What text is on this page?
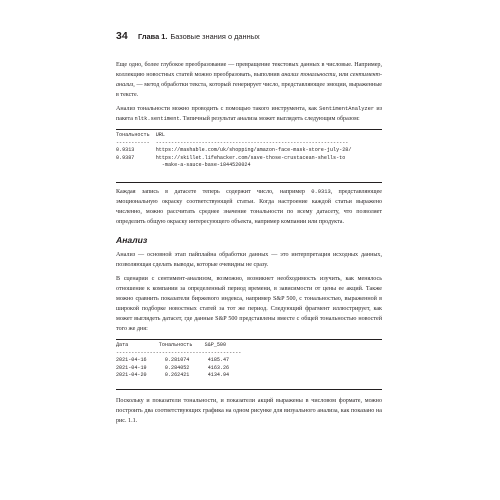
34	Глава 1. Базовые знания о данных

Еще одно, более глубокое преобразование — превращение текстовых данных в числовые. Например, коллекцию новостных статей можно преобразовать, выполнив анализ тональности, или сентимент-анализ, — метод обработки текста, который генерирует число, представляющее эмоции, выраженные в тексте.

Анализ тональности можно проводить с помощью такого инструмента, как SentimentAnalyzer из пакета nltk.sentiment. Типичный результат анализа может выглядеть следующим образом:

Тональность  URL
-----------  ---------------------------------------------------------------
0.9313       https://mashable.com/uk/shopping/amazon-face-mask-store-july-28/
0.9387       https://skillet.lifehacker.com/save-those-crustacean-shells-to
-make-a-sauce-base-1844520024

Каждая запись в датасете теперь содержит число, например 0.9313, представляющее эмоциональную окраску соответствующей статьи. Когда настроение каждой статьи выражено численно, можно рассчитать среднее значение тональности по всему датасету, что позволяет определить общую окраску интересующего объекта, например компании или продукта.

Анализ

Анализ — основной этап пайплайна обработки данных — это интерпретация исходных данных, позволяющая сделать выводы, которые очевидны не сразу.

В сценарии с сентимент-анализом, возможно, возникнет необходимость изучить, как менялось отношение к компании за определенный период времени, в зависимости от цены ее акций. Также можно сравнить показатели биржевого индекса, например S&P 500, с тональностью, выраженной в широкой подборке новостных статей за тот же период. Следующий фрагмент иллюстрирует, как может выглядеть датасет, где данные S&P 500 представлены вместе с общей тональностью новостей того же дня:

Дата          Тональность    S&P_500
-----------------------------------------
2021-04-16      0.281074      4185.47
2021-04-19      0.284052      4163.26
2021-04-20      0.262421      4134.94

Поскольку и показатели тональности, и показатели акций выражены в числовом формате, можно построить два соответствующих графика на одном рисунке для визуального анализа, как показано на рис. 1.1.
